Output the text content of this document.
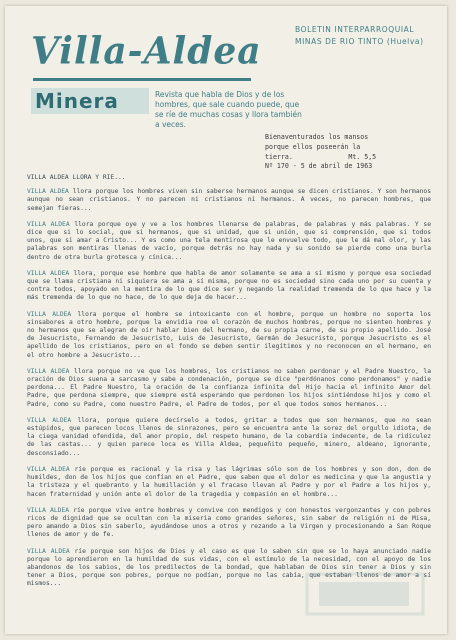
Villa-Aldea	BOLETIN INTERPARROQUIAL
MINAS DE RIO TINTO (Huelva)
Minera	Revista que habla de Dios y de los hombres, que sale cuando puede, que se ríe de muchas cosas y llora también a veces.
Bienaventurados los mansos
porque ellos poseerán la
tierra.              Mt. 5,5
Nº 170 - 5 de abril de 1963
VILLA ALDEA LLORA Y RIE...
VILLA ALDEA llora porque los hombres viven sin saberse hermanos aunque se dicen cristianos. Y son hermanos aunque no sean cristianos. Y no parecen ni cristianos ni hermanos. A veces, no parecen hombres, que semejan fieras...
VILLA ALDEA llora porque oye y ve a los hombres llenarse de palabras, de palabras y más palabras. Y se dice que si lo social, que si hermanos, que si unidad, que si unión, que si comprensión, que si todos unos, que si amar a Cristo... Y es como una tela mentirosa que le envuelve todo, que le dá mal olor, y las palabras son mentiras llenas de vacío, porque detrás no hay nada y su sonido se pierde como una burla dentro de otra burla grotesca y cínica...
VILLA ALDEA llora, porque ese hombre que habla de amor solamente se ama a sí mismo y porque esa sociedad que se llama cristiana ni siquiera se ama a sí misma, porque no es sociedad sino cada uno por su cuenta y contra todos, apoyado en la mentira de lo que dice ser y negando la realidad tremenda de lo que hace y la más tremenda de lo que no hace, de lo que deja de hacer...
VILLA ALDEA llora porque el hombre se intoxicante con el hombre, porque un hombre no soporta los sinsabores a otro hombre, porque la envidia roe el corazón de muchos hombres, porque no sienten hombres y no hermanos que se alegran de oír hablar bien del hermano, de su propia carne, de su propio apellido. José de Jesucristo, Fernando de Jesucristo, Luis de Jesucristo, Germán de Jesucristo, porque Jesucristo es el apellido de los cristianos, pero en el fondo se deben sentir ilegítimos y no reconocen en el hermano, en el otro hombre a Jesucristo...
VILLA ALDEA llora porque no ve que los hombres, los cristianos no saben perdonar y el Padre Nuestro, la oración de Dios suena a sarcasmo y sabe a condenación, porque se dice "perdónanos como perdonamos" y nadie perdona... El Padre Nuestro, la oración de la confianza infinita del Hijo hacia el infinito Amor del Padre, que perdona siempre, que siempre está esperando que perdonen los hijos sintiéndose hijos y como el Padre, como su Padre, como nuestro Padre, el Padre de todos, por el que todos somos hermanos...
VILLA ALDEA llora, porque quiere decírselo a todos, gritar a todos que son hermanos, que no sean estúpidos, que parecen locos llenos de sinrazones, pero se encuentra ante la sorez del orgullo idiota, de la ciega vanidad ofendida, del amor propio, del respeto humano, de la cobardía indecente, de la ridiculez de las castas... y quien parece loca es Villa Aldea, pequeñito pequeño, minero, aldeano, ignorante, desconsiado...
VILLA ALDEA ríe porque es racional y la risa y las lágrimas sólo son de los hombres y son don, don de humildes, don de los hijos que confían en el Padre, que saben que el dolor es medicina y que la angustia y la tristeza y el quebranto y la humillación y el fracaso llevan al Padre y por el Padre a los hijos y, hacen fraternidad y unión ante el dolor de la tragedia y compasión en el hombre...
VILLA ALDEA ríe porque vive entre hombres y convive con mendigos y con honestos vergonzantes y con pobres ricos de dignidad que se ocultan con la miseria como grandes señores, sin saber de religión ni de Misa, pero amando a Dios sin saberlo, ayudándose unos a otros y rezando a la Virgen y procesionando a San Roque llenos de amor y de fe.
VILLA ALDEA ríe porque son hijos de Dios y el caso es que lo saben sin que se lo haya anunciado nadie porque lo aprendieron en la humildad de sus vidas, con el estímulo de la necesidad, con el apoyo de los abandonos de los sabios, de los predilectos de la bondad, que hablaban de Dios sin tener a Dios y sin tener a Dios, porque son pobres, porque no podían, porque no las cabía, que estaban llenos de amor a sí mismos...
